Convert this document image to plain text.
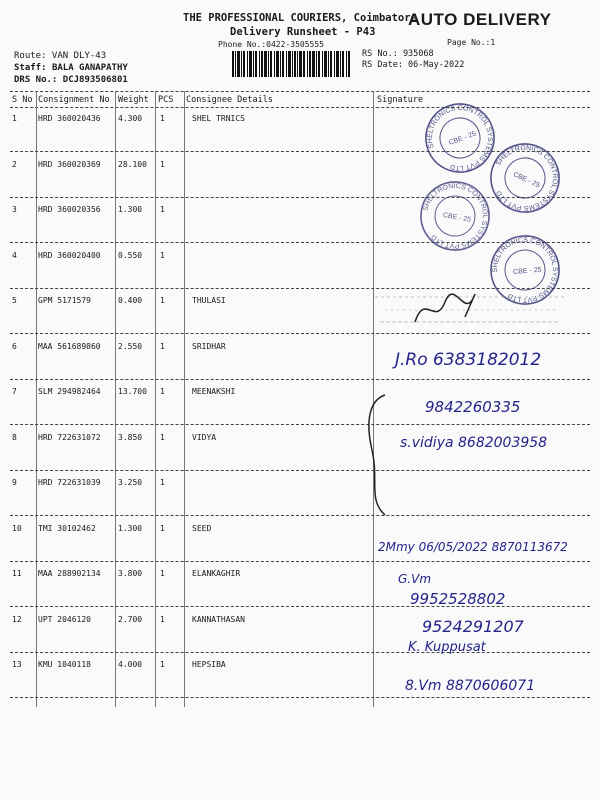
THE PROFESSIONAL COURIERS, Coimbatore
Delivery Runsheet - P43
AUTO DELIVERY
Phone No.:0422-3505555	Page No.:1
RS No.: 935068
RS Date: 06-May-2022
Route: VAN DLY-43
Staff: BALA GANAPATHY
DRS No.: DCJ893506801
S No Consignment No Weight PCS Consignee Details	Signature
1	HRD 360020436 4.300 1	SHEL TRNICS
2	HRD 360020369 28.100 1
3	HRD 360020356 1.300 1
4	HRD 360020400 0.550 1
5	GPM 5171579	0.400 1	THULASI
6	MAA 561689860 2.550 1	SRIDHAR
7	SLM 294982464 13.700 1	MEENAKSHI
8	HRD 722631072 3.850 1	VIDYA
9	HRD 722631039 3.250 1
10 TMI 30102462	1.300 1	SEED
11 MAA 288902134 3.800 1	ELANKAGHIR
12 UPT 2046120	2.700 1	KANNATHASAN
13 KMU 1040118	4.000 1	HEPSIBA
SHELTRONICS CONTROL SYSTEMS PVT LTD
CBE - 25
SHELTRONICS CONTROL SYSTEMS PVT LTD
CBE - 25
SHELTRONICS CONTROL SYSTEMS PVT LTD
CBE - 25
SHELTRONICS CONTROL SYSTEMS PVT LTD
CBE - 25
J.Ro 6383182012
9842260335
s.vidiya 8682003958
2Mmy 06/05/2022 8870113672
G.Vm
9952528802
9524291207
K. Kuppusat
8.Vm 8870606071
